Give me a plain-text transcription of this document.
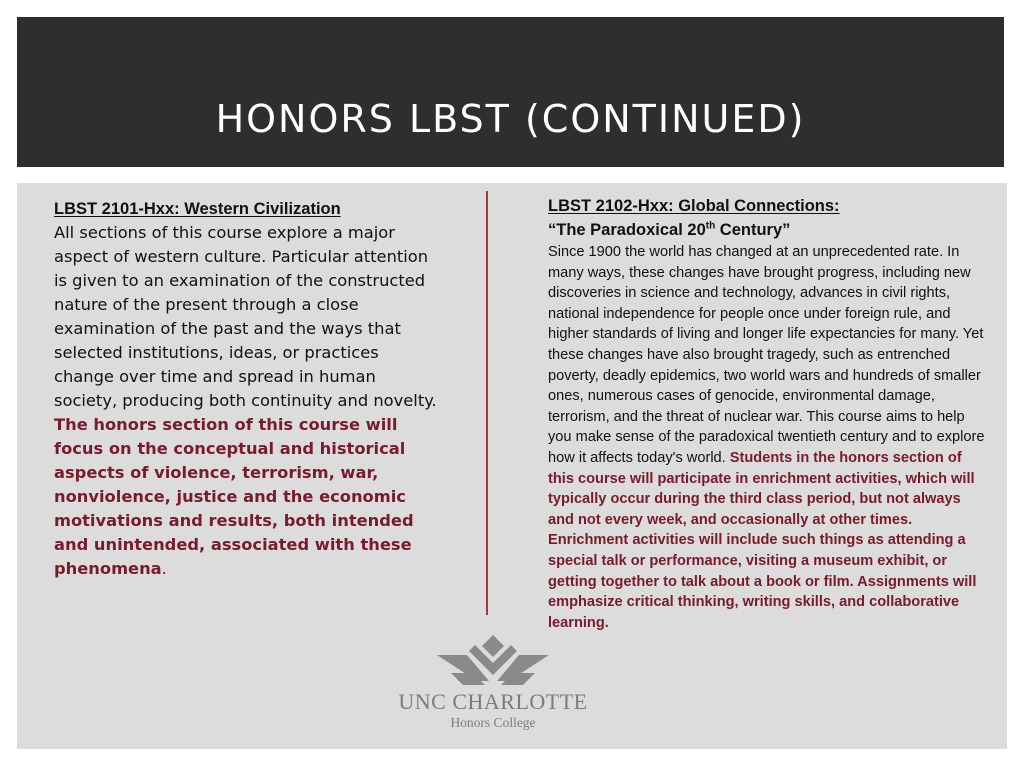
HONORS LBST (CONTINUED)
LBST 2101-Hxx: Western Civilization
All sections of this course explore a major aspect of western culture. Particular attention is given to an examination of the constructed nature of the present through a close examination of the past and the ways that selected institutions, ideas, or practices change over time and spread in human society, producing both continuity and novelty. The honors section of this course will focus on the conceptual and historical aspects of violence, terrorism, war, nonviolence, justice and the economic motivations and results, both intended and unintended, associated with these phenomena.
LBST 2102-Hxx: Global Connections:
“The Paradoxical 20th Century”
Since 1900 the world has changed at an unprecedented rate. In many ways, these changes have brought progress, including new discoveries in science and technology, advances in civil rights, national independence for people once under foreign rule, and higher standards of living and longer life expectancies for many. Yet these changes have also brought tragedy, such as entrenched poverty, deadly epidemics, two world wars and hundreds of smaller ones, numerous cases of genocide, environmental damage, terrorism, and the threat of nuclear war. This course aims to help you make sense of the paradoxical twentieth century and to explore how it affects today's world. Students in the honors section of this course will participate in enrichment activities, which will typically occur during the third class period, but not always and not every week, and occasionally at other times. Enrichment activities will include such things as attending a special talk or performance, visiting a museum exhibit, or getting together to talk about a book or film. Assignments will emphasize critical thinking, writing skills, and collaborative learning.
UNC CHARLOTTE
Honors College
